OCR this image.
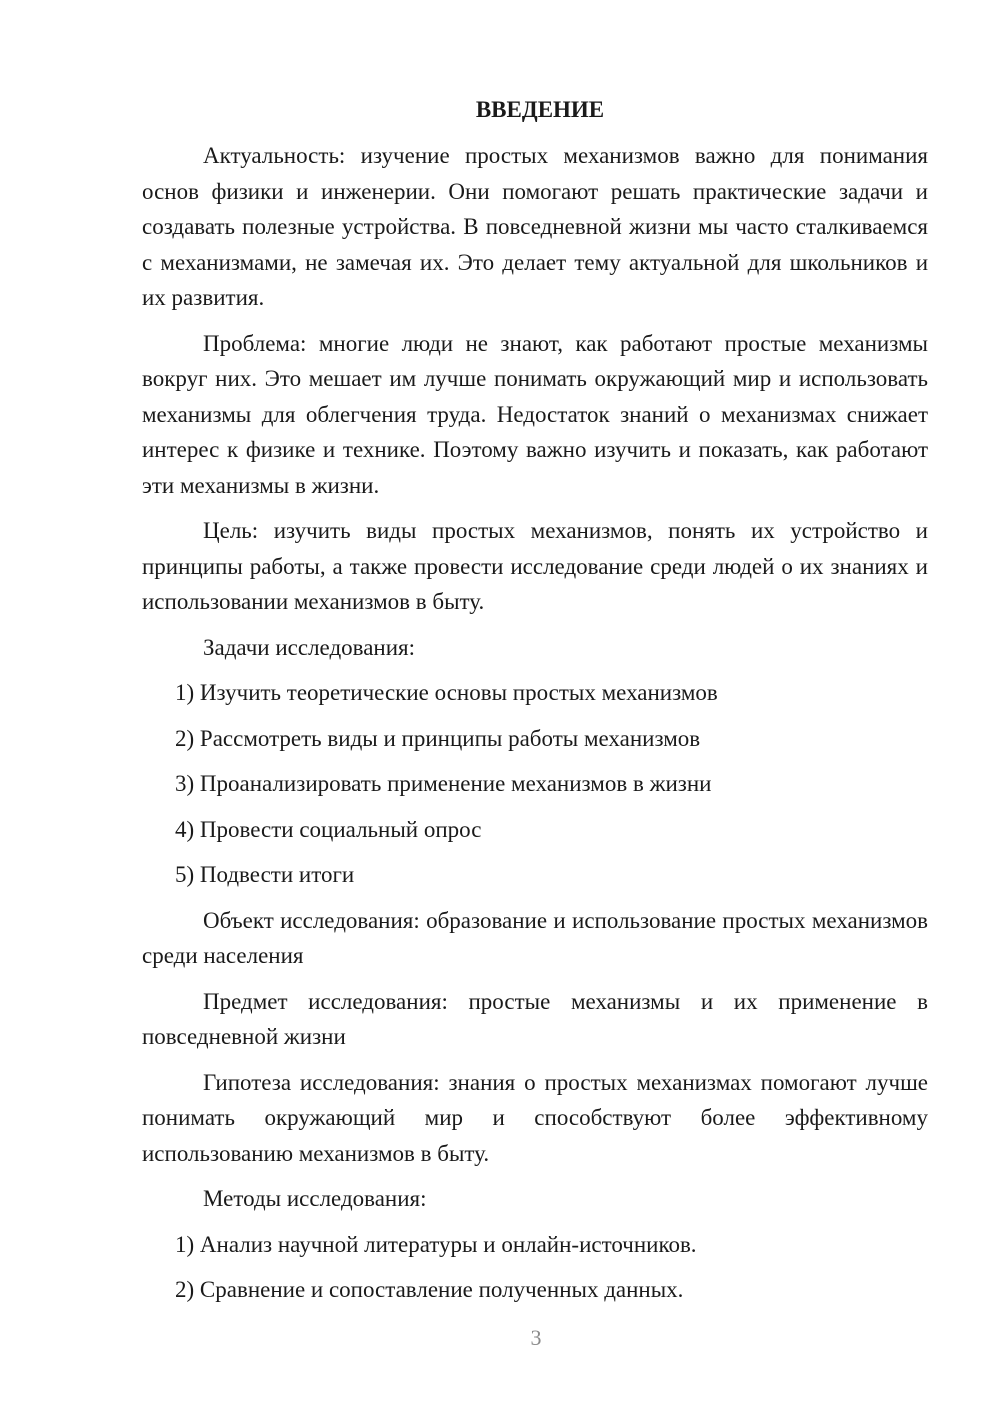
ВВЕДЕНИЕ

Актуальность: изучение простых механизмов важно для понимания основ физики и инженерии. Они помогают решать практические задачи и создавать полезные устройства. В повседневной жизни мы часто сталкиваемся с механизмами, не замечая их. Это делает тему актуальной для школьников и их развития.

Проблема: многие люди не знают, как работают простые механизмы вокруг них. Это мешает им лучше понимать окружающий мир и использовать механизмы для облегчения труда. Недостаток знаний о механизмах снижает интерес к физике и технике. Поэтому важно изучить и показать, как работают эти механизмы в жизни.

Цель: изучить виды простых механизмов, понять их устройство и принципы работы, а также провести исследование среди людей о их знаниях и использовании механизмов в быту.

Задачи исследования:

1) Изучить теоретические основы простых механизмов
2) Рассмотреть виды и принципы работы механизмов
3) Проанализировать применение механизмов в жизни
4) Провести социальный опрос
5) Подвести итоги

Объект исследования: образование и использование простых механизмов среди населения

Предмет исследования: простые механизмы и их применение в повседневной жизни

Гипотеза исследования: знания о простых механизмах помогают лучше понимать окружающий мир и способствуют более эффективному использованию механизмов в быту.

Методы исследования:

1) Анализ научной литературы и онлайн-источников.
2) Сравнение и сопоставление полученных данных.
3
